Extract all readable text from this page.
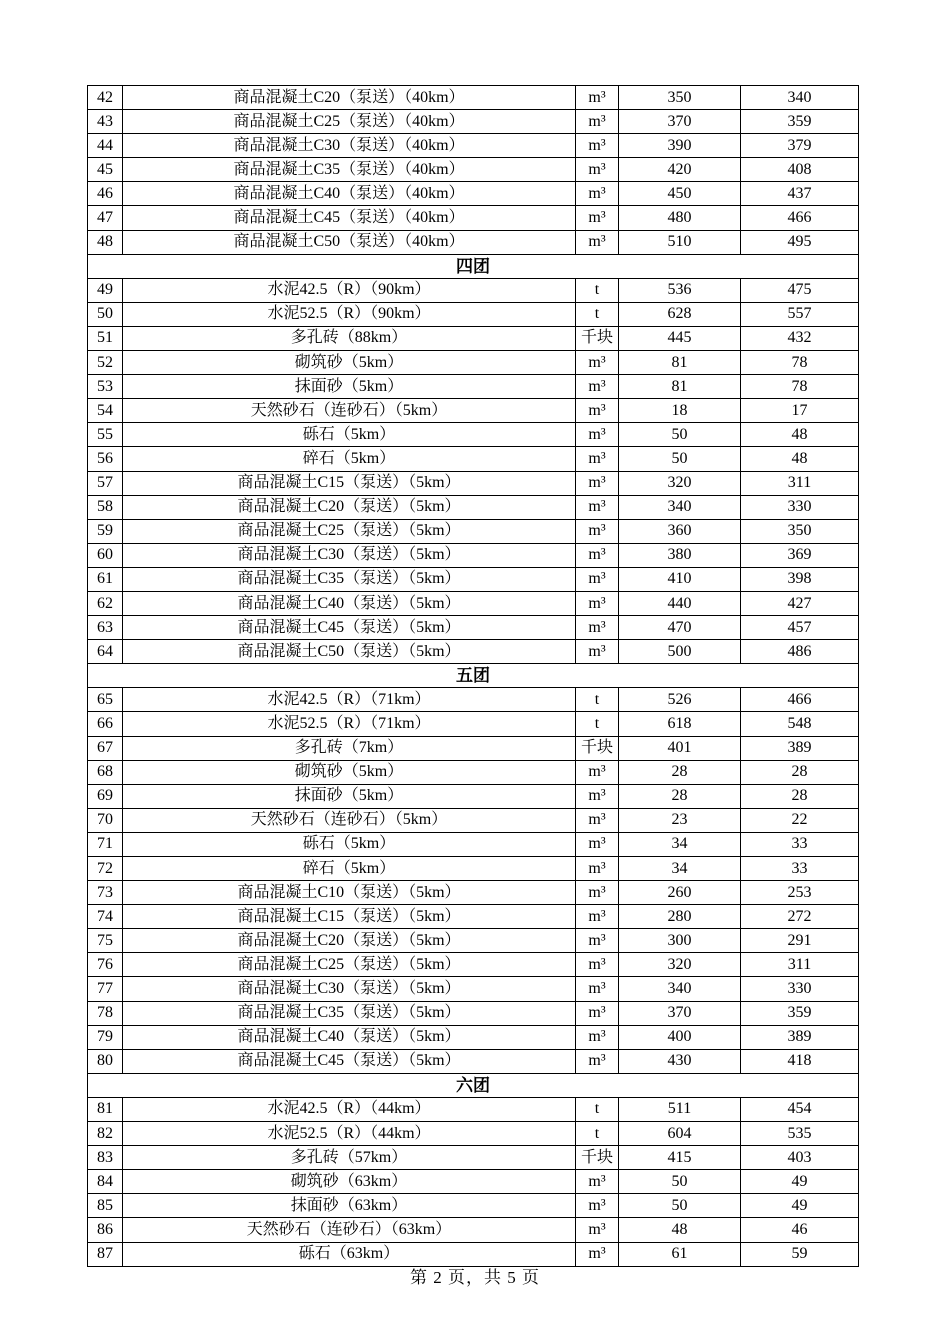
42	商品混凝土C20（泵送）（40km）	m³	350	340
43	商品混凝土C25（泵送）（40km）	m³	370	359
44	商品混凝土C30（泵送）（40km）	m³	390	379
45	商品混凝土C35（泵送）（40km）	m³	420	408
46	商品混凝土C40（泵送）（40km）	m³	450	437
47	商品混凝土C45（泵送）（40km）	m³	480	466
48	商品混凝土C50（泵送）（40km）	m³	510	495
四团				
49	水泥42.5（R）（90km）	t	536	475
50	水泥52.5（R）（90km）	t	628	557
51	多孔砖（88km）	千块	445	432
52	砌筑砂（5km）	m³	81	78
53	抹面砂（5km）	m³	81	78
54	天然砂石（连砂石）（5km）	m³	18	17
55	砾石（5km）	m³	50	48
56	碎石（5km）	m³	50	48
57	商品混凝土C15（泵送）（5km）	m³	320	311
58	商品混凝土C20（泵送）（5km）	m³	340	330
59	商品混凝土C25（泵送）（5km）	m³	360	350
60	商品混凝土C30（泵送）（5km）	m³	380	369
61	商品混凝土C35（泵送）（5km）	m³	410	398
62	商品混凝土C40（泵送）（5km）	m³	440	427
63	商品混凝土C45（泵送）（5km）	m³	470	457
64	商品混凝土C50（泵送）（5km）	m³	500	486
五团				
65	水泥42.5（R）（71km）	t	526	466
66	水泥52.5（R）（71km）	t	618	548
67	多孔砖（7km）	千块	401	389
68	砌筑砂（5km）	m³	28	28
69	抹面砂（5km）	m³	28	28
70	天然砂石（连砂石）（5km）	m³	23	22
71	砾石（5km）	m³	34	33
72	碎石（5km）	m³	34	33
73	商品混凝土C10（泵送）（5km）	m³	260	253
74	商品混凝土C15（泵送）（5km）	m³	280	272
75	商品混凝土C20（泵送）（5km）	m³	300	291
76	商品混凝土C25（泵送）（5km）	m³	320	311
77	商品混凝土C30（泵送）（5km）	m³	340	330
78	商品混凝土C35（泵送）（5km）	m³	370	359
79	商品混凝土C40（泵送）（5km）	m³	400	389
80	商品混凝土C45（泵送）（5km）	m³	430	418
六团				
81	水泥42.5（R）（44km）	t	511	454
82	水泥52.5（R）（44km）	t	604	535
83	多孔砖（57km）	千块	415	403
84	砌筑砂（63km）	m³	50	49
85	抹面砂（63km）	m³	50	49
86	天然砂石（连砂石）（63km）	m³	48	46
87	砾石（63km）	m³	61	59
第 2 页，共 5 页
